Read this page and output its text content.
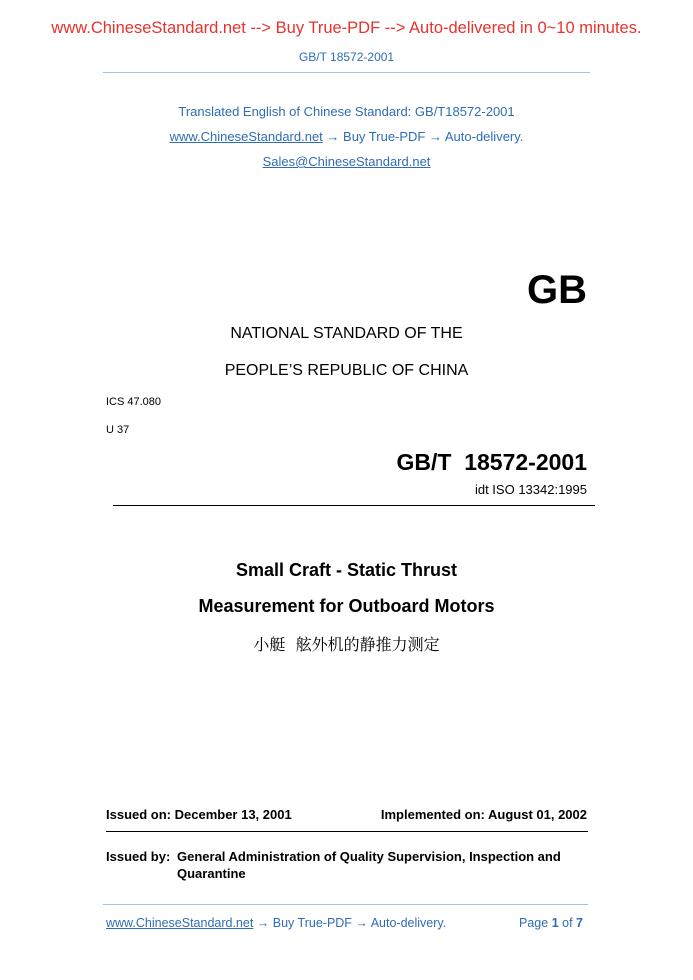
www.ChineseStandard.net --> Buy True-PDF --> Auto-delivered in 0~10 minutes.
GB/T 18572-2001
Translated English of Chinese Standard: GB/T18572-2001
www.ChineseStandard.net → Buy True-PDF → Auto-delivery.
Sales@ChineseStandard.net
GB
NATIONAL STANDARD OF THE
PEOPLE’S REPUBLIC OF CHINA
ICS 47.080
U 37
GB/T  18572-2001
idt ISO 13342:1995
Small Craft - Static Thrust
Measurement for Outboard Motors
小艇  舷外机的静推力测定
Issued on: December 13, 2001	Implemented on: August 01, 2002
Issued by: General Administration of Quality Supervision, Inspection and
Quarantine
www.ChineseStandard.net → Buy True-PDF → Auto-delivery.	Page 1 of 7
